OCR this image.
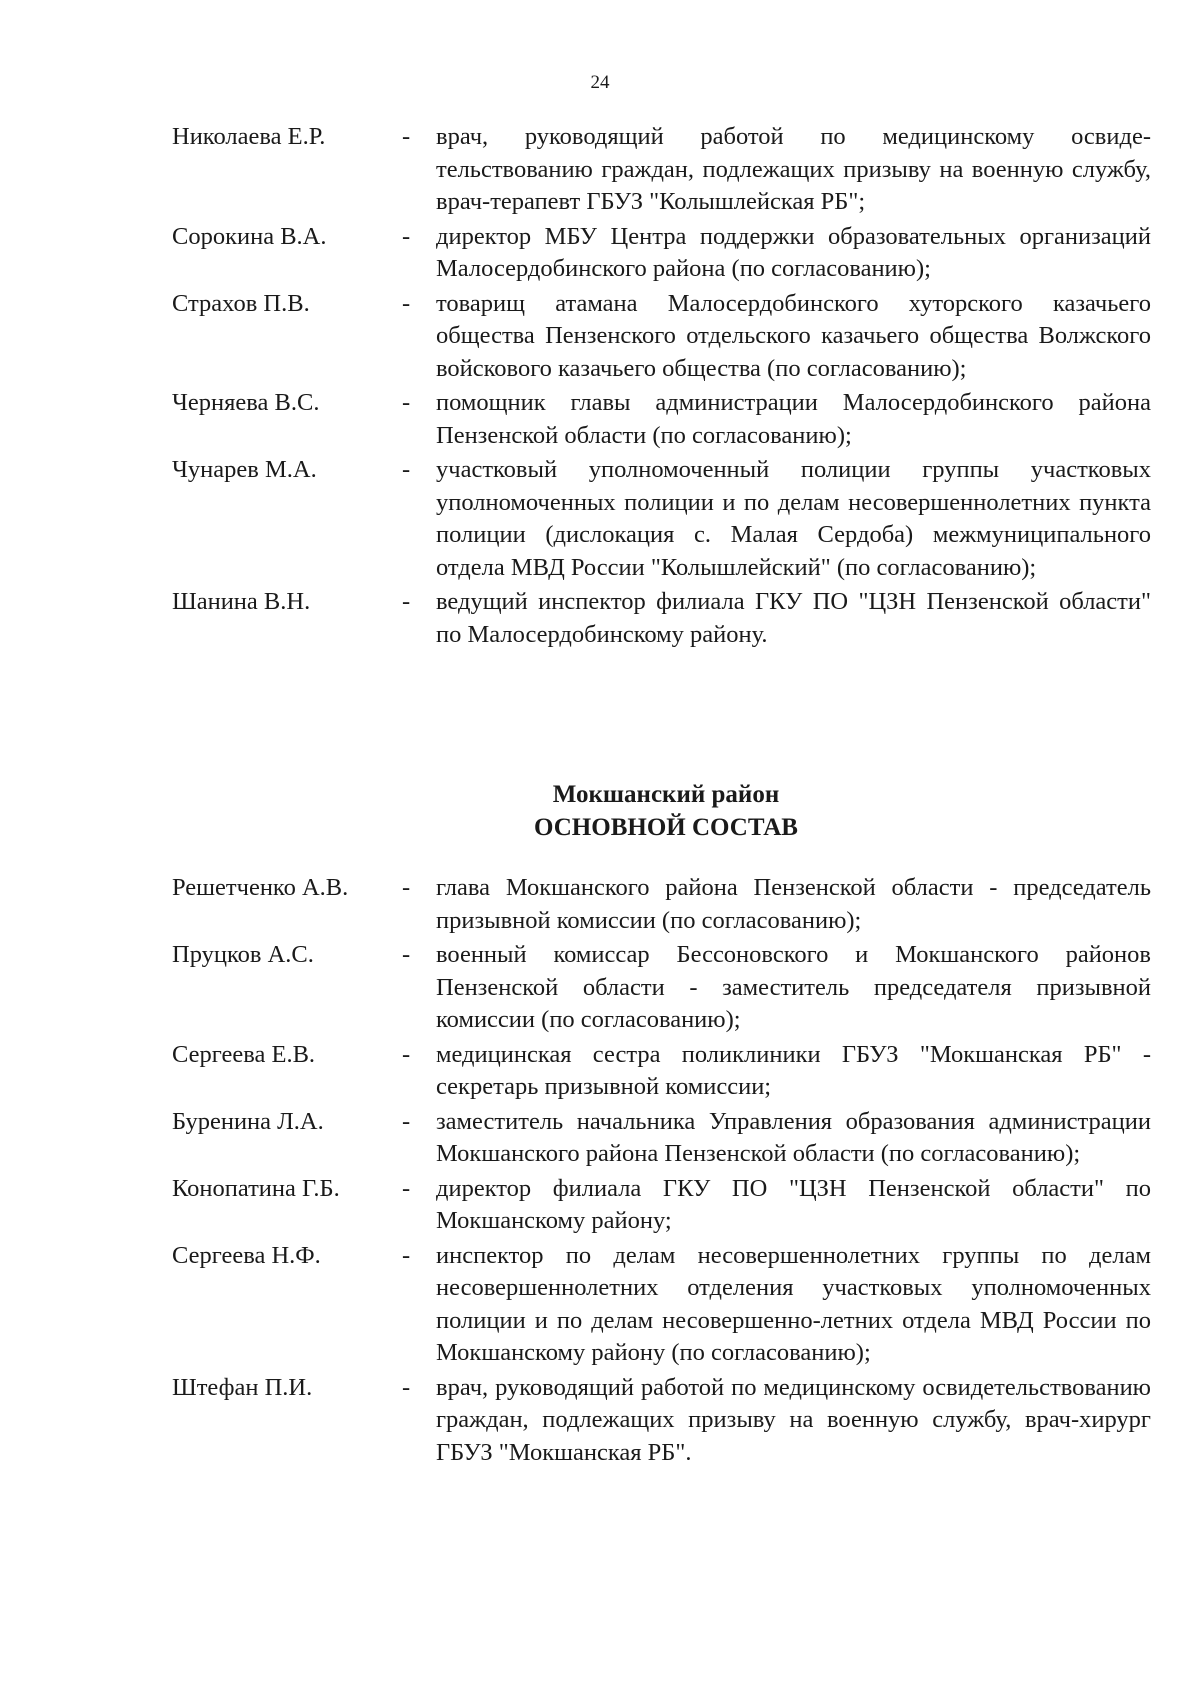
24
Николаева Е.Р.	-	врач, руководящий работой по медицинскому освиде-тельствованию граждан, подлежащих призыву на военную службу, врач-терапевт ГБУЗ "Колышлейская РБ";
Сорокина В.А.	-	директор МБУ Центра поддержки образовательных организаций Малосердобинского района (по согласованию);
Страхов П.В.	-	товарищ атамана Малосердобинского хуторского казачьего общества Пензенского отдельского казачьего общества Волжского войскового казачьего общества (по согласованию);
Черняева В.С.	-	помощник главы администрации Малосердобинского района Пензенской области (по согласованию);
Чунарев М.А.	-	участковый уполномоченный полиции группы участковых уполномоченных полиции и по делам несовершеннолетних пункта полиции (дислокация с. Малая Сердоба) межмуниципального отдела МВД России "Колышлейский" (по согласованию);
Шанина В.Н.	-	ведущий инспектор филиала ГКУ ПО "ЦЗН Пензенской области" по Малосердобинскому району.
Мокшанский район
ОСНОВНОЙ СОСТАВ
Решетченко А.В.	-	глава Мокшанского района Пензенской области - председатель призывной комиссии (по согласованию);
Пруцков А.С.	-	военный комиссар Бессоновского и Мокшанского районов Пензенской области - заместитель председателя призывной комиссии (по согласованию);
Сергеева Е.В.	-	медицинская сестра поликлиники ГБУЗ "Мокшанская РБ" - секретарь призывной комиссии;
Буренина Л.А.	-	заместитель начальника Управления образования администрации Мокшанского района Пензенской области (по согласованию);
Конопатина Г.Б.	-	директор филиала ГКУ ПО "ЦЗН Пензенской области" по Мокшанскому району;
Сергеева Н.Ф.	-	инспектор по делам несовершеннолетних группы по делам несовершеннолетних отделения участковых уполномоченных полиции и по делам несовершенно-летних отдела МВД России по Мокшанскому району (по согласованию);
Штефан П.И.	-	врач, руководящий работой по медицинскому освидетельствованию граждан, подлежащих призыву на военную службу, врач-хирург ГБУЗ "Мокшанская РБ".
